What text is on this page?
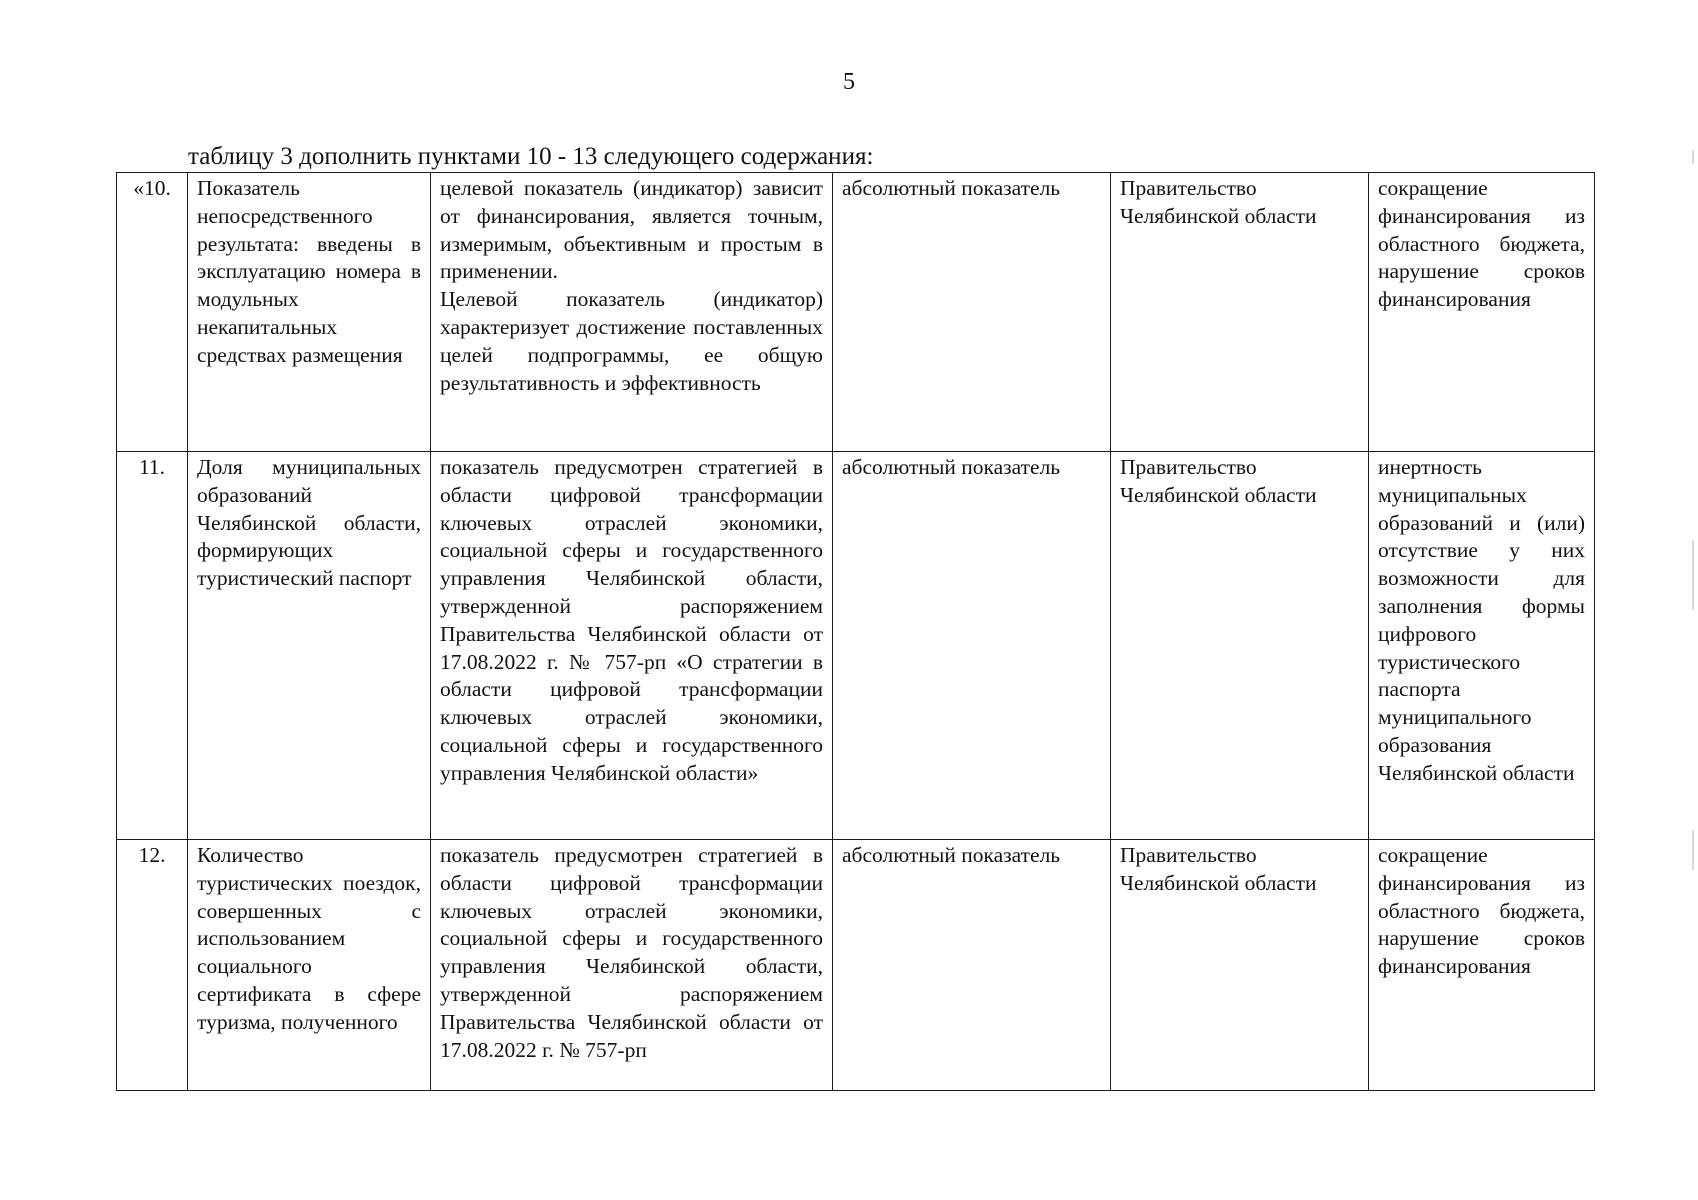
5
таблицу 3 дополнить пунктами 10 - 13 следующего содержания:
«10.	Показатель непосредственного результата: введены в эксплуатацию номера в модульных некапитальных средствах размещения	целевой показатель (индикатор) зависит от финансирования, является точным, измеримым, объективным и простым в применении.
Целевой показатель (индикатор) характеризует достижение поставленных целей подпрограммы, ее общую результативность и эффективность	абсолютный показатель	Правительство Челябинской области	сокращение финансирования из областного бюджета, нарушение сроков финансирования
11.	Доля муниципальных образований Челябинской области, формирующих туристический паспорт	показатель предусмотрен стратегией в области цифровой трансформации ключевых отраслей экономики, социальной сферы и государственного управления Челябинской области, утвержденной распоряжением Правительства Челябинской области от 17.08.2022 г. № 757-рп «О стратегии в области цифровой трансформации ключевых отраслей экономики, социальной сферы и государственного управления Челябинской области»	абсолютный показатель	Правительство Челябинской области	инертность муниципальных образований и (или) отсутствие у них возможности для заполнения формы цифрового туристического паспорта муниципального образования Челябинской области
12.	Количество туристических поездок, совершенных с использованием социального сертификата в сфере туризма, полученного	показатель предусмотрен стратегией в области цифровой трансформации ключевых отраслей экономики, социальной сферы и государственного управления Челябинской области, утвержденной распоряжением Правительства Челябинской области от 17.08.2022 г. № 757-рп	абсолютный показатель	Правительство Челябинской области	сокращение финансирования из областного бюджета, нарушение сроков финансирования
